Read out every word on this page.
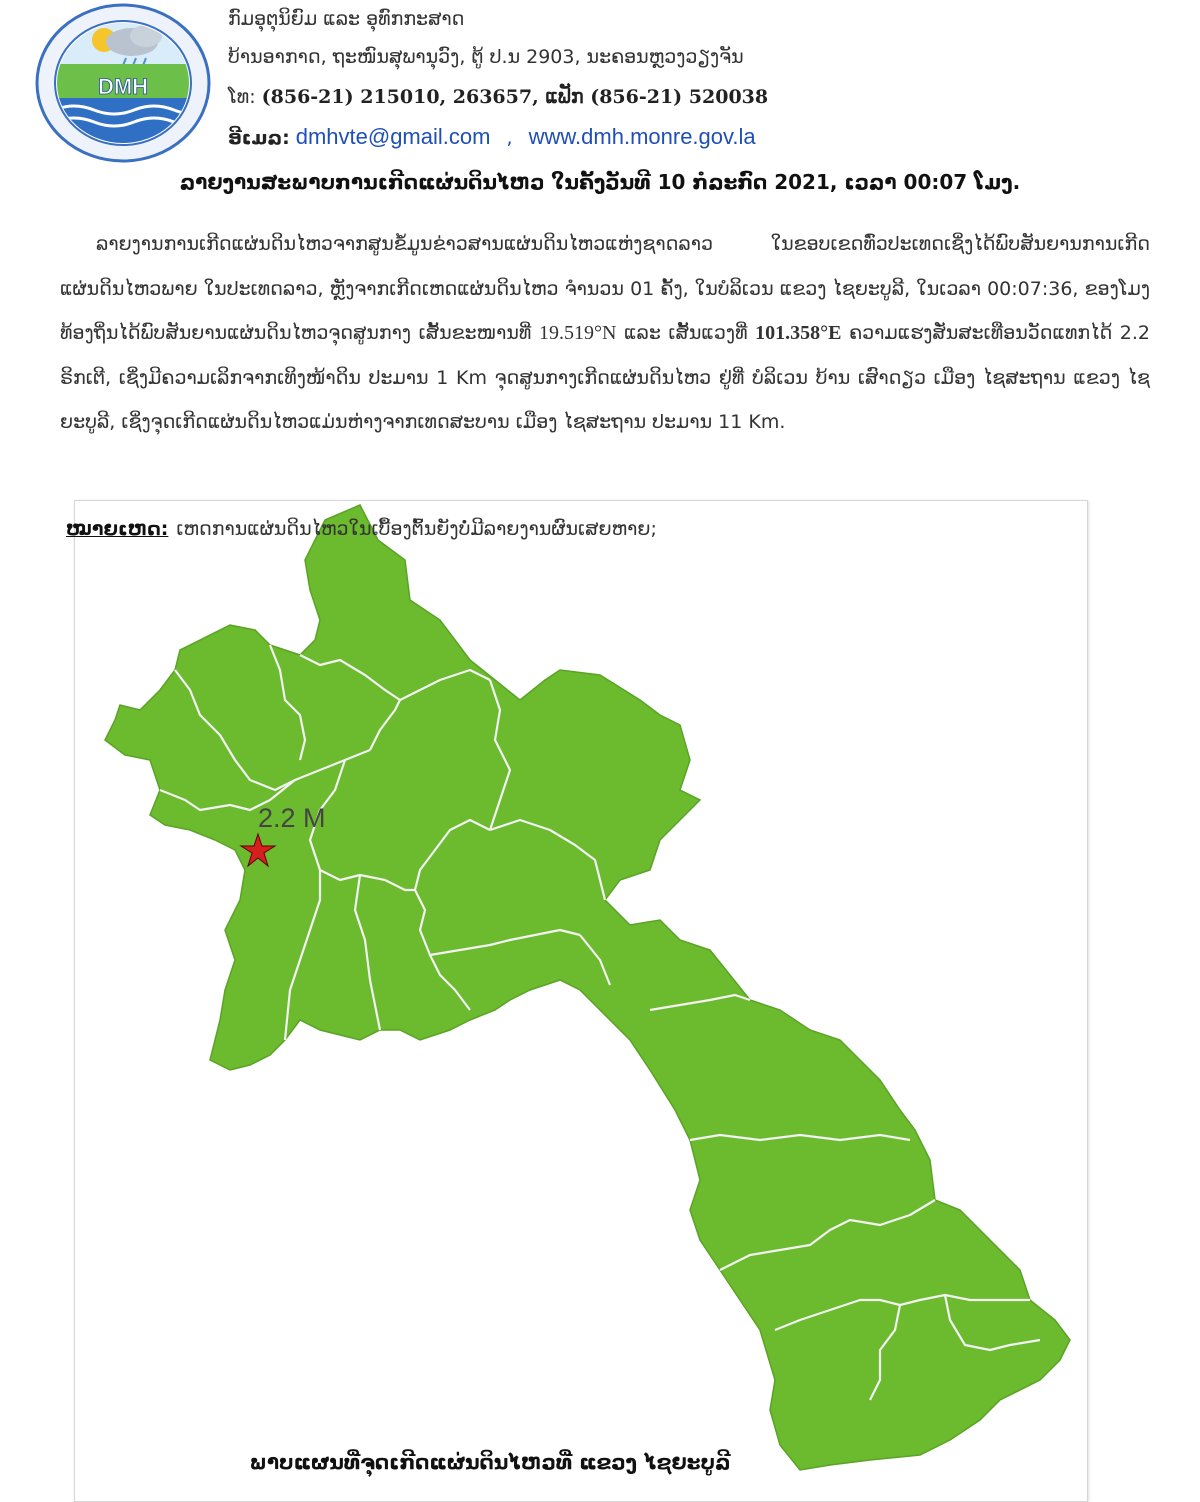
DMH
ກົມອຸຕຸນິຍົມ ແລະ ອຸທົກກະສາດ
ບ້ານອາກາດ, ຖະໜົນສຸພານຸວົງ, ຕູ້ ປ.ນ 2903, ນະຄອນຫຼວງວຽງຈັນ
ໂທ: (856-21) 215010, 263657, ແຟັກ (856-21) 520038
ອີເມລ: dmhvte@gmail.com , www.dmh.monre.gov.la
ລາຍງານສະພາບການເກີດແຜ່ນດິນໄຫວ ໃນຄັ້ງວັນທີ 10 ກໍລະກົດ 2021, ເວລາ 00:07 ໂມງ.
ລາຍງານການເກີດແຜ່ນດິນໄຫວຈາກສູນຂໍ້ມູນຂ່າວສານແຜ່ນດິນໄຫວແຫ່ງຊາດລາວ ໃນຂອບເຂດທົ່ວປະເທດເຊິ່ງໄດ້ພົບສັນຍານການເກີດແຜ່ນດິນໄຫວພາຍ ໃນປະເທດລາວ, ຫຼັງຈາກເກີດເຫດແຜ່ນດິນໄຫວ ຈຳນວນ 01 ຄັ້ງ, ໃນບໍລິເວນ ແຂວງ ໄຊຍະບູລີ, ໃນເວລາ 00:07:36, ຂອງໂມງທ້ອງຖິ່ນໄດ້ພົບສັນຍານແຜ່ນດິນໄຫວຈຸດສູນກາງ ເສັ້ນຂະໜານທີ່ 19.519°N ແລະ ເສັ້ນແວງທີ່ 101.358°E ຄວາມແຮງສັ່ນສະເທືອນວັດແທກໄດ້ 2.2 ຣິກເຕີ, ເຊິ່ງມີຄວາມເລິກຈາກເທິງໜ້າດິນ ປະມານ 1 Km ຈຸດສູນກາງເກີດແຜ່ນດິນໄຫວ ຢູ່ທີ່ ບໍລິເວນ ບ້ານ ເສົາດຽວ ເມືອງ ໄຊສະຖານ ແຂວງ ໄຊຍະບູລີ, ເຊິ່ງຈຸດເກີດແຜ່ນດິນໄຫວແມ່ນຫ່າງຈາກເທດສະບານ ເມືອງ ໄຊສະຖານ ປະມານ 11 Km.
2.2 M
ໝາຍເຫດ: ເຫດການແຜ່ນດິນໄຫວໃນເບື້ອງຕົ້ນຍັງບໍ່ມີລາຍງານຜົນເສຍຫາຍ;
ພາບແຜນທີ່ຈຸດເກີດແຜ່ນດິນໄຫວທີ່ ແຂວງ ໄຊຍະບູລີ
